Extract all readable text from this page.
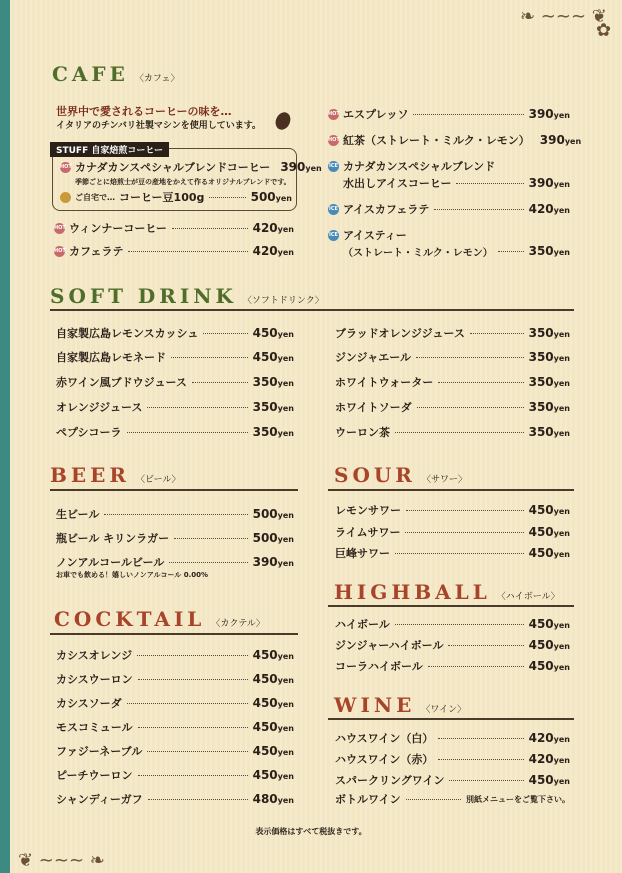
❧ ~~~ ❦
✿
❦ ~~~ ❧
CAFE 〈カフェ〉
世界中で愛されるコーヒーの味を…
イタリアのチンバリ社製マシンを使用しています。
STUFF 自家焙煎コーヒー
HOT カナダカンスペシャルブレンドコーヒー 390yen
季節ごとに焙煎士が豆の産地をかえて作るオリジナルブレンドです。
ご自宅で… コーヒー豆100g	500yen
HOT ウィンナーコーヒー	420yen
HOT カフェラテ	420yen
HOT エスプレッソ	390yen
HOT 紅茶（ストレート・ミルク・レモン） 390yen
ICE カナダカンスペシャルブレンド
水出しアイスコーヒー	390yen
ICE アイスカフェラテ	420yen
ICE アイスティー
（ストレート・ミルク・レモン）	350yen
SOFT DRINK 〈ソフトドリンク〉
自家製広島レモンスカッシュ	450yen
自家製広島レモネード	450yen
赤ワイン風ブドウジュース	350yen
オレンジジュース	350yen
ペプシコーラ	350yen
ブラッドオレンジジュース	350yen
ジンジャエール	350yen
ホワイトウォーター	350yen
ホワイトソーダ	350yen
ウーロン茶	350yen
BEER 〈ビール〉
生ビール	500yen
瓶ビール キリンラガー	500yen
ノンアルコールビール	390yen
お車でも飲める！嬉しいノンアルコール 0.00%
COCKTAIL 〈カクテル〉
カシスオレンジ	450yen
カシスウーロン	450yen
カシスソーダ	450yen
モスコミュール	450yen
ファジーネーブル	450yen
ピーチウーロン	450yen
シャンディーガフ	480yen
SOUR 〈サワー〉
レモンサワー	450yen
ライムサワー	450yen
巨峰サワー	450yen
HIGHBALL 〈ハイボール〉
ハイボール	450yen
ジンジャーハイボール	450yen
コーラハイボール	450yen
WINE 〈ワイン〉
ハウスワイン（白）	420yen
ハウスワイン（赤）	420yen
スパークリングワイン	450yen
ボトルワイン	別紙メニューをご覧下さい。
表示価格はすべて税抜きです。
